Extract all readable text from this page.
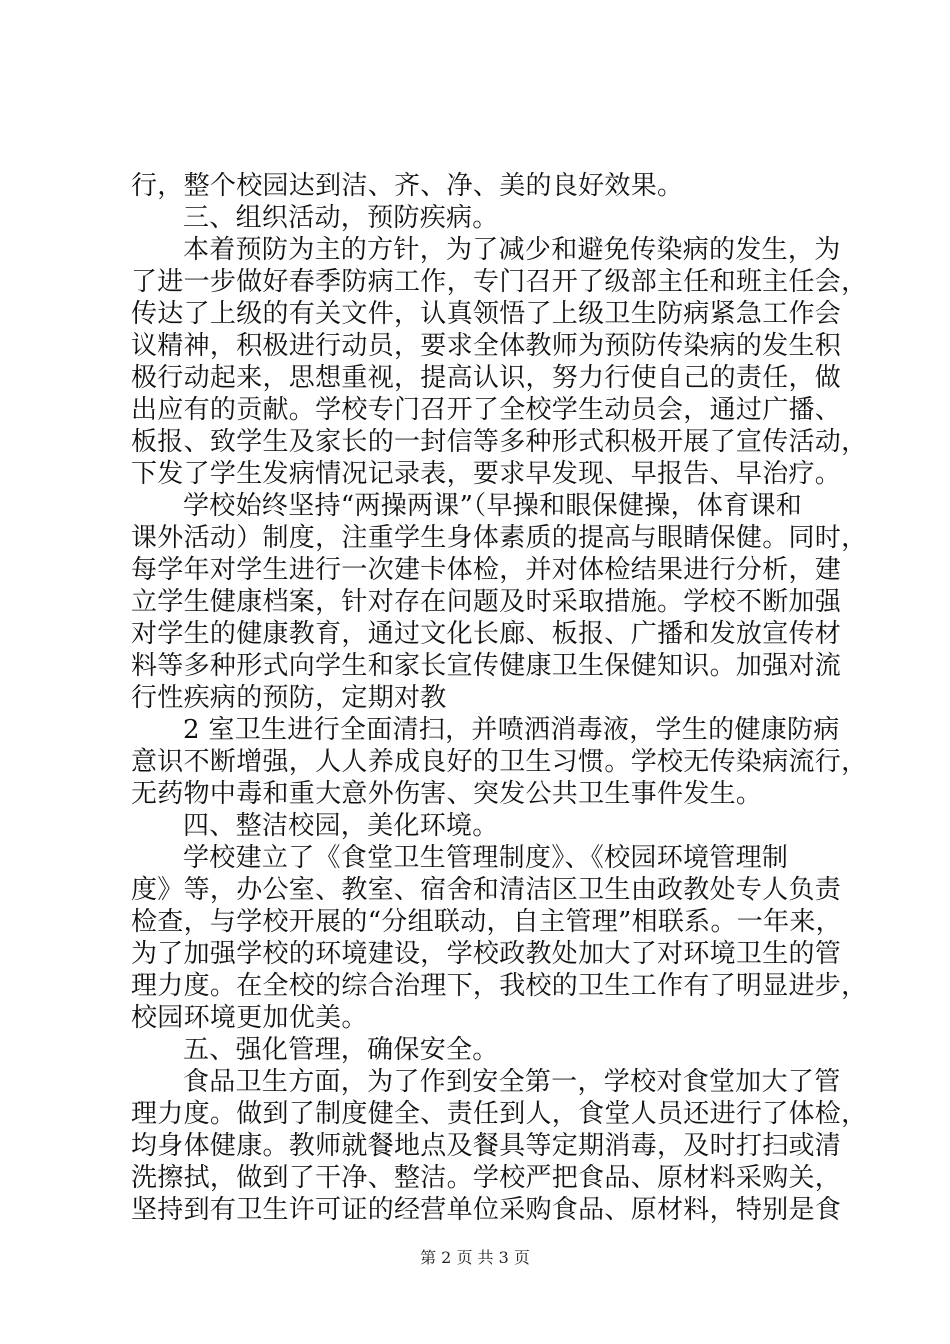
行，整个校园达到洁、齐、净、美的良好效果。
三、组织活动，预防疾病。
本着预防为主的方针，为了减少和避免传染病的发生，为
了进一步做好春季防病工作，专门召开了级部主任和班主任会，
传达了上级的有关文件，认真领悟了上级卫生防病紧急工作会
议精神，积极进行动员，要求全体教师为预防传染病的发生积
极行动起来，思想重视，提高认识，努力行使自己的责任，做
出应有的贡献。学校专门召开了全校学生动员会，通过广播、
板报、致学生及家长的一封信等多种形式积极开展了宣传活动，
下发了学生发病情况记录表，要求早发现、早报告、早治疗。
学校始终坚持“两操两课”（早操和眼保健操，体育课和
课外活动）制度，注重学生身体素质的提高与眼睛保健。同时，
每学年对学生进行一次建卡体检，并对体检结果进行分析，建
立学生健康档案，针对存在问题及时采取措施。学校不断加强
对学生的健康教育，通过文化长廊、板报、广播和发放宣传材
料等多种形式向学生和家长宣传健康卫生保健知识。加强对流
行性疾病的预防，定期对教
2 室卫生进行全面清扫，并喷洒消毒液，学生的健康防病
意识不断增强，人人养成良好的卫生习惯。学校无传染病流行，
无药物中毒和重大意外伤害、突发公共卫生事件发生。
四、整洁校园，美化环境。
学校建立了《食堂卫生管理制度》、《校园环境管理制
度》等，办公室、教室、宿舍和清洁区卫生由政教处专人负责
检查，与学校开展的“分组联动，自主管理”相联系。一年来，
为了加强学校的环境建设，学校政教处加大了对环境卫生的管
理力度。在全校的综合治理下，我校的卫生工作有了明显进步，
校园环境更加优美。
五、强化管理，确保安全。
食品卫生方面，为了作到安全第一，学校对食堂加大了管
理力度。做到了制度健全、责任到人，食堂人员还进行了体检，
均身体健康。教师就餐地点及餐具等定期消毒，及时打扫或清
洗擦拭，做到了干净、整洁。学校严把食品、原材料采购关，
坚持到有卫生许可证的经营单位采购食品、原材料，特别是食
第 2 页 共 3 页
